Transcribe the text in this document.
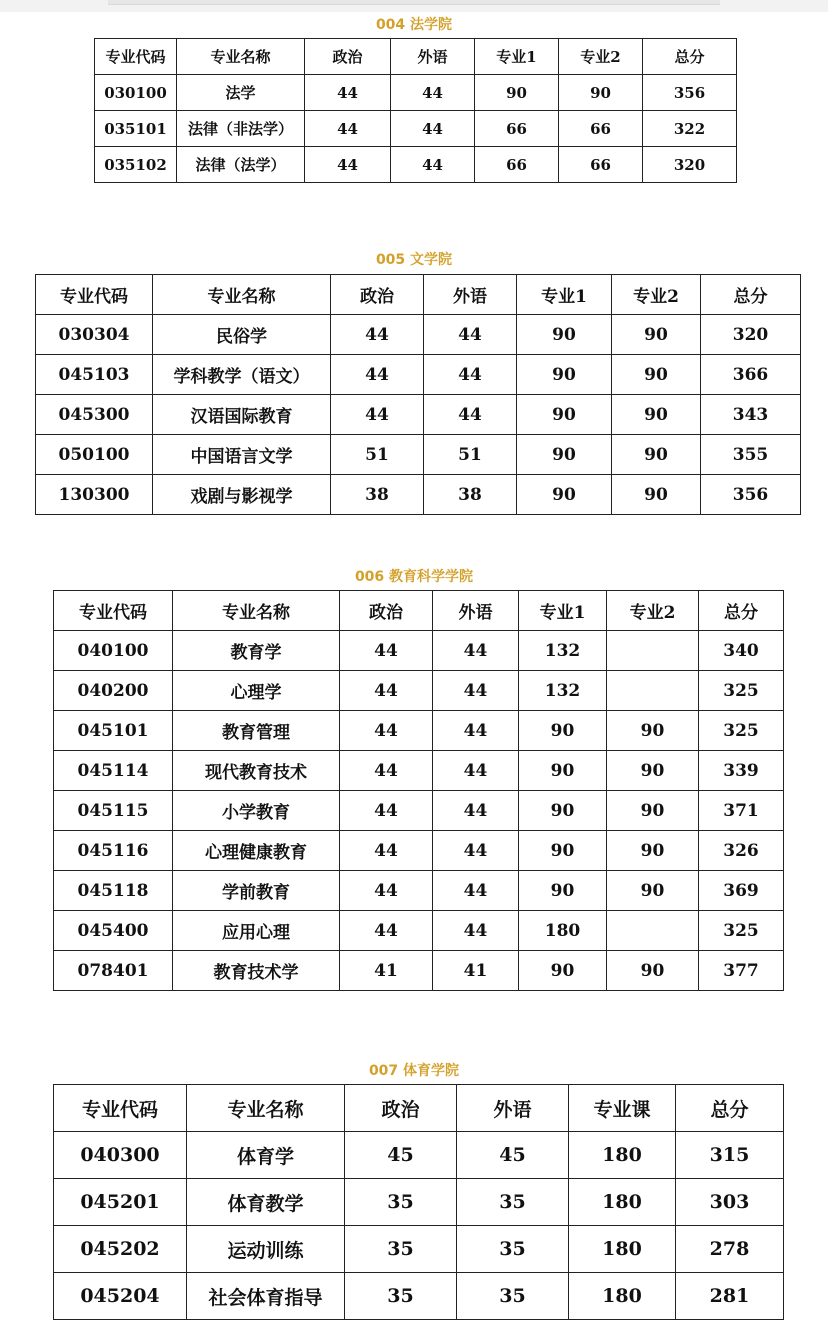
004 法学院
专业代码	专业名称	政治	外语	专业1	专业2	总分
030100	法学	44	44	90	90	356
035101	法律（非法学）	44	44	66	66	322
035102	法律（法学）	44	44	66	66	320
005 文学院
专业代码	专业名称	政治	外语	专业1	专业2	总分
030304	民俗学	44	44	90	90	320
045103	学科教学（语文）	44	44	90	90	366
045300	汉语国际教育	44	44	90	90	343
050100	中国语言文学	51	51	90	90	355
130300	戏剧与影视学	38	38	90	90	356
006 教育科学学院
专业代码	专业名称	政治	外语	专业1	专业2	总分
040100	教育学	44	44	132		340
040200	心理学	44	44	132		325
045101	教育管理	44	44	90	90	325
045114	现代教育技术	44	44	90	90	339
045115	小学教育	44	44	90	90	371
045116	心理健康教育	44	44	90	90	326
045118	学前教育	44	44	90	90	369
045400	应用心理	44	44	180		325
078401	教育技术学	41	41	90	90	377
007 体育学院
专业代码	专业名称	政治	外语	专业课	总分
040300	体育学	45	45	180	315
045201	体育教学	35	35	180	303
045202	运动训练	35	35	180	278
045204	社会体育指导	35	35	180	281
